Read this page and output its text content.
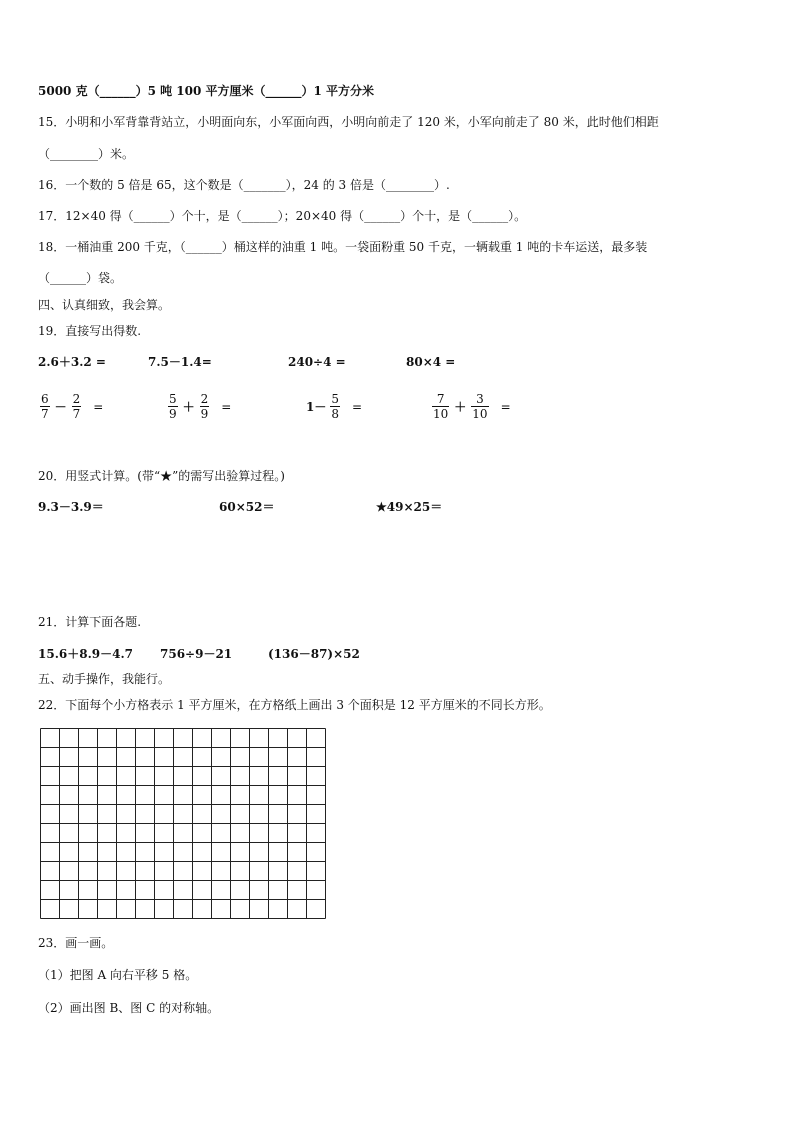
5000 克（______）5 吨 100 平方厘米（______）1 平方分米
15．小明和小军背靠背站立，小明面向东，小军面向西，小明向前走了 120 米，小军向前走了 80 米，此时他们相距
（________）米。
16．一个数的 5 倍是 65，这个数是（_______），24 的 3 倍是（________）.
17．12×40 得（______）个十，是（______）；20×40 得（______）个十，是（______）。
18．一桶油重 200 千克，（______）桶这样的油重 1 吨。一袋面粉重 50 千克，一辆载重 1 吨的卡车运送，最多装
（______）袋。
四、认真细致，我会算。
19．直接写出得数.
2.6＋3.2 =	7.5－1.4=	240÷4 =	80×4 =
$\frac{6}{7} - \frac{2}{7}$ =	$\frac{5}{9} + \frac{2}{9}$ =	$1- \frac{5}{8}$ =	$\frac{7}{10} + \frac{3}{10}$ =
20．用竖式计算。(带“★”的需写出验算过程。)
9.3－3.9＝	60×52＝	★49×25＝
21．计算下面各题.
15.6＋8.9－4.7 756÷9－21	(136－87)×52
五、动手操作，我能行。
22．下面每个小方格表示 1 平方厘米，在方格纸上画出 3 个面积是 12 平方厘米的不同长方形。
23．画一画。
（1）把图 A 向右平移 5 格。
（2）画出图 B、图 C 的对称轴。
